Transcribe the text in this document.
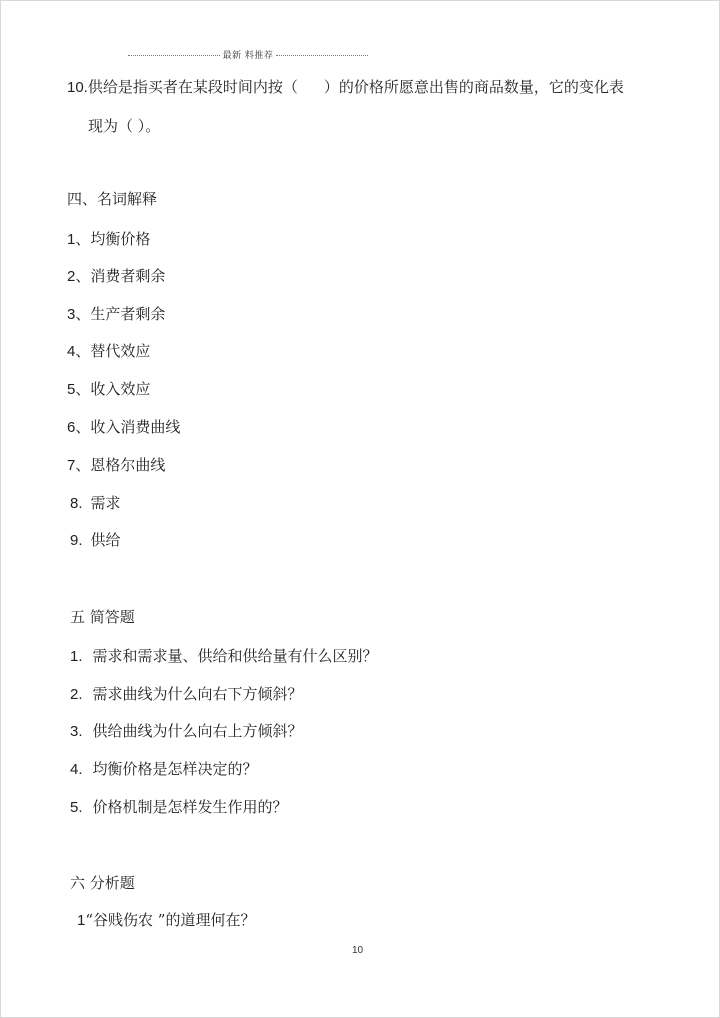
最新 料推荐
10.供给是指买者在某段时间内按（ ）的价格所愿意出售的商品数量，它的变化表
现为（ ）。
四、名词解释
1、均衡价格
2、消费者剩余
3、生产者剩余
4、替代效应
5、收入效应
6、收入消费曲线
7、恩格尔曲线
8. 需求
9. 供给
五 简答题
1. 需求和需求量、供给和供给量有什么区别？
2. 需求曲线为什么向右下方倾斜？
3. 供给曲线为什么向右上方倾斜？
4. 均衡价格是怎样决定的？
5. 价格机制是怎样发生作用的？
六 分析题
1“谷贱伤农 ”的道理何在？
10
